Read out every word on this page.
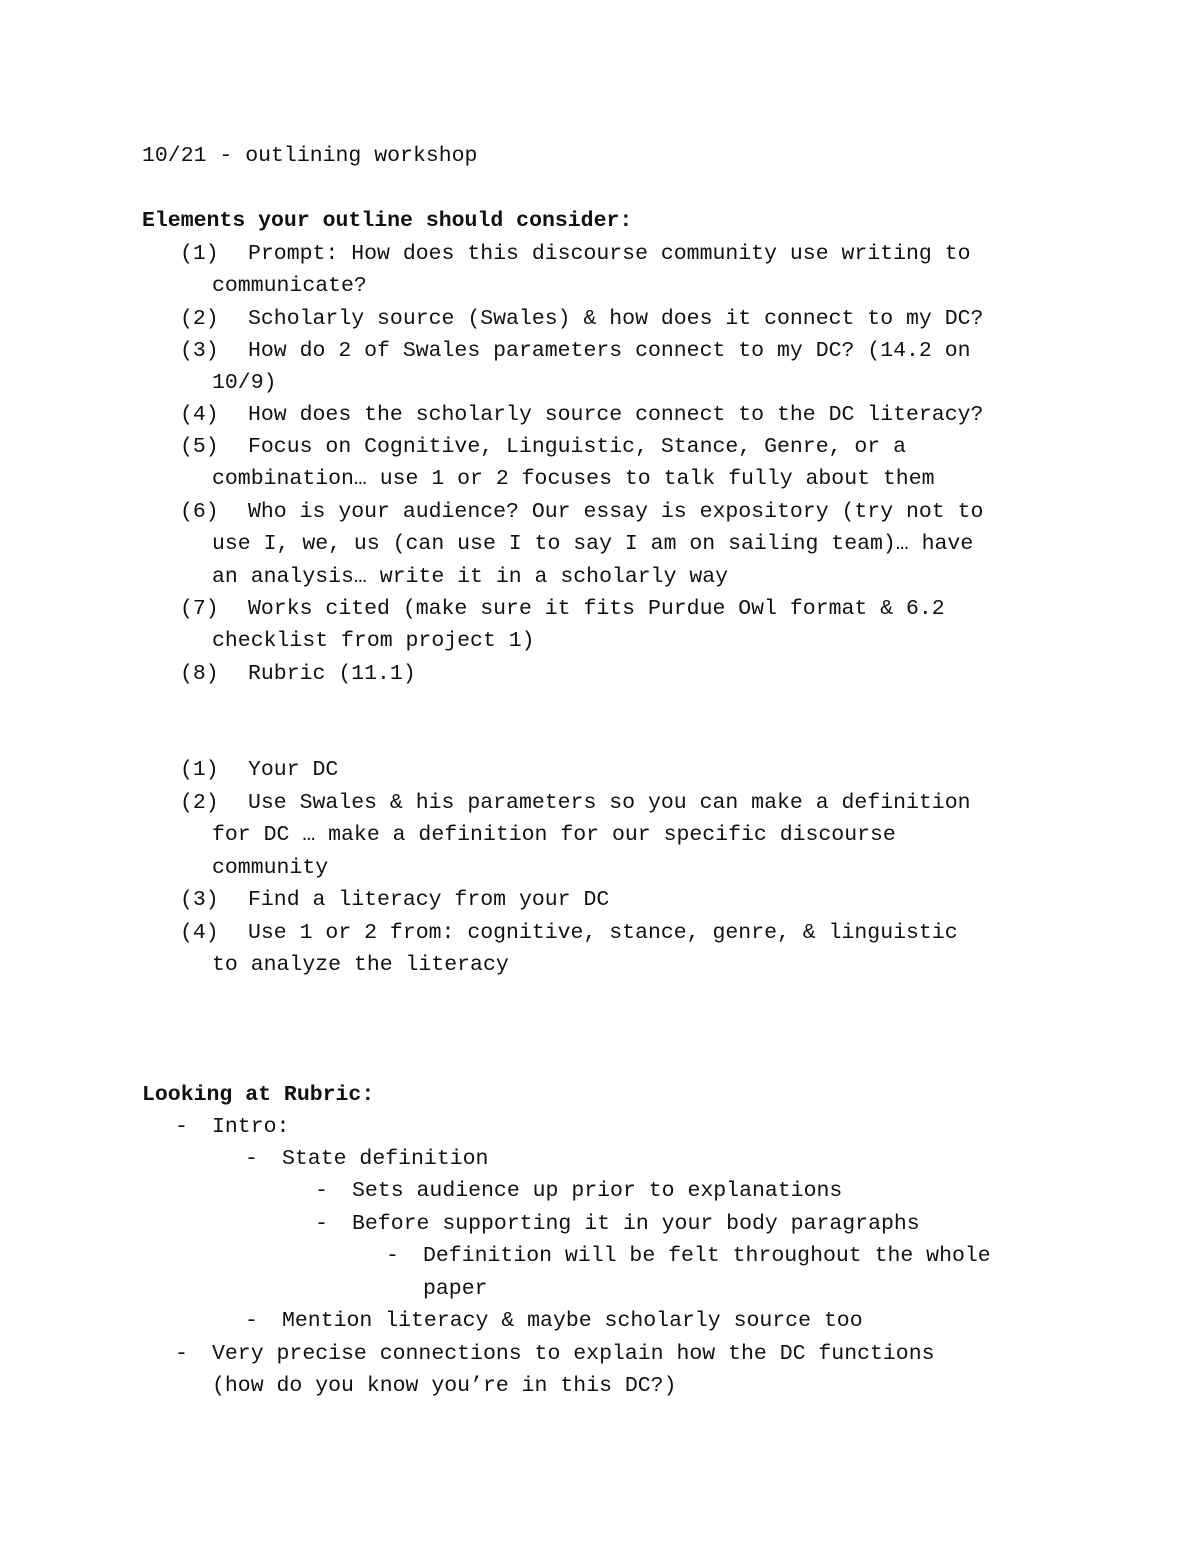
10/21 - outlining workshop
Elements your outline should consider:
(1) Prompt: How does this discourse community use writing to
communicate?
(2) Scholarly source (Swales) & how does it connect to my DC?
(3) How do 2 of Swales parameters connect to my DC? (14.2 on
10/9)
(4) How does the scholarly source connect to the DC literacy?
(5) Focus on Cognitive, Linguistic, Stance, Genre, or a
combination… use 1 or 2 focuses to talk fully about them
(6) Who is your audience? Our essay is expository (try not to
use I, we, us (can use I to say I am on sailing team)… have
an analysis… write it in a scholarly way
(7) Works cited (make sure it fits Purdue Owl format & 6.2
checklist from project 1)
(8) Rubric (11.1)
(1) Your DC
(2) Use Swales & his parameters so you can make a definition
for DC … make a definition for our specific discourse
community
(3) Find a literacy from your DC
(4) Use 1 or 2 from: cognitive, stance, genre, & linguistic
to analyze the literacy
Looking at Rubric:
- Intro:
- State definition
- Sets audience up prior to explanations
- Before supporting it in your body paragraphs
- Definition will be felt throughout the whole
paper
- Mention literacy & maybe scholarly source too
- Very precise connections to explain how the DC functions
(how do you know you’re in this DC?)
